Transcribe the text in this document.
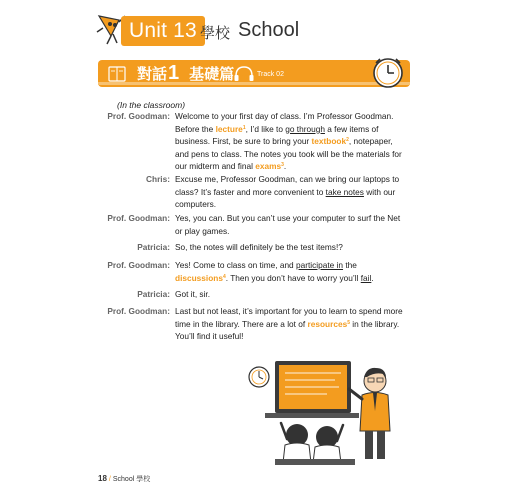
Unit 13 學校 School
對話1 基礎篇 CD Track 02
(In the classroom)
Prof. Goodman: Welcome to your first day of class. I’m Professor Goodman. Before the lecture$^1$, I’d like to go through a few items of business. First, be sure to bring your textbook$^2$, notepaper, and pens to class. The notes you took will be the materials for our midterm and final exams$^3$.
Chris: Excuse me, Professor Goodman, can we bring our laptops to class? It’s faster and more convenient to take notes with our computers.
Prof. Goodman: Yes, you can. But you can’t use your computer to surf the Net or play games.
Patricia: So, the notes will definitely be the test items!?
Prof. Goodman: Yes! Come to class on time, and participate in the discussions$^4$. Then you don’t have to worry you’ll fail.
Patricia: Got it, sir.
Prof. Goodman: Last but not least, it’s important for you to learn to spend more time in the library. There are a lot of resources$^5$ in the library. You’ll find it useful!
18 / School 學校
